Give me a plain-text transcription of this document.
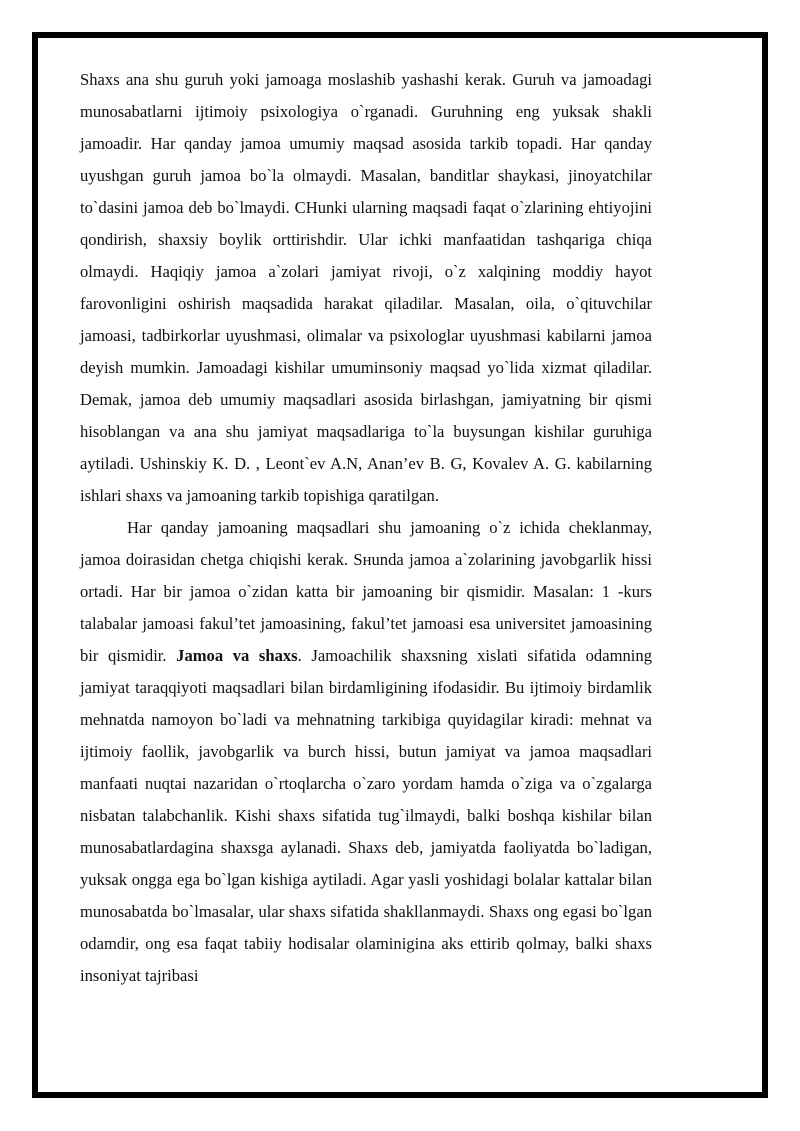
Shaxs ana shu guruh yoki jamoaga moslashib yashashi kerak. Guruh va jamoadagi munosabatlarni ijtimoiy psixologiya o`rganadi. Guruhning eng yuksak shakli jamoadir. Har qanday jamoa umumiy maqsad asosida tarkib topadi. Har qanday uyushgan guruh jamoa bo`la olmaydi. Masalan, banditlar shaykasi, jinoyatchilar to`dasini jamoa deb bo`lmaydi. CHunki ularning maqsadi faqat o`zlarining ehtiyojini qondirish, shaxsiy boylik orttirishdir. Ular ichki manfaatidan tashqariga chiqa olmaydi. Haqiqiy jamoa a`zolari jamiyat rivoji, o`z xalqining moddiy hayot farovonligini oshirish maqsadida harakat qiladilar. Masalan, oila, o`qituvchilar jamoasi, tadbirkorlar uyushmasi, olimalar va psixologlar uyushmasi kabilarni jamoa deyish mumkin. Jamoadagi kishilar umuminsoniy maqsad yo`lida xizmat qiladilar. Demak, jamoa deb umumiy maqsadlari asosida birlashgan, jamiyatning bir qismi hisoblangan va ana shu jamiyat maqsadlariga to`la buysungan kishilar guruhiga aytiladi. Ushinskiy K. D. , Leont`ev A.N, Anan’ev B. G, Kovalev A. G. kabilarning ishlari shaxs va jamoaning tarkib topishiga qaratilgan.

Har qanday jamoaning maqsadlari shu jamoaning o`z ichida cheklanmay, jamoa doirasidan chetga chiqishi kerak. Sнunda jamoa a`zolarining javobgarlik hissi ortadi. Har bir jamoa o`zidan katta bir jamoaning bir qismidir. Masalan: 1 -kurs talabalar jamoasi fakul’tet jamoasining, fakul’tet jamoasi esa universitet jamoasining bir qismidir. Jamoa va shaxs. Jamoachilik shaxsning xislati sifatida odamning jamiyat taraqqiyoti maqsadlari bilan birdamligining ifodasidir. Bu ijtimoiy birdamlik mehnatda namoyon bo`ladi va mehnatning tarkibiga quyidagilar kiradi: mehnat va ijtimoiy faollik, javobgarlik va burch hissi, butun jamiyat va jamoa maqsadlari manfaati nuqtai nazaridan o`rtoqlarcha o`zaro yordam hamda o`ziga va o`zgalarga nisbatan talabchanlik. Kishi shaxs sifatida tug`ilmaydi, balki boshqa kishilar bilan munosabatlardagina shaxsga aylanadi. Shaxs deb, jamiyatda faoliyatda bo`ladigan, yuksak ongga ega bo`lgan kishiga aytiladi. Agar yasli yoshidagi bolalar kattalar bilan munosabatda bo`lmasalar, ular shaxs sifatida shakllanmaydi. Shaxs ong egasi bo`lgan odamdir, ong esa faqat tabiiy hodisalar olaminigina aks ettirib qolmay, balki shaxs insoniyat tajribasi
